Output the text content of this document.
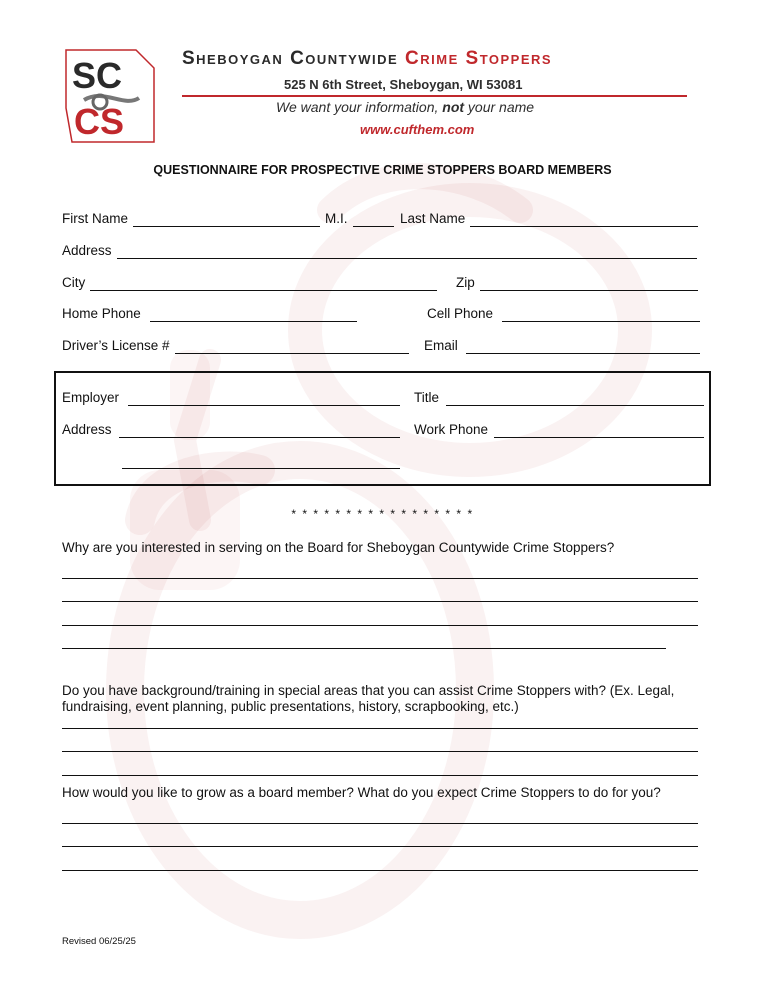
SC
CS
Sheboygan Countywide Crime Stoppers
525 N 6th Street, Sheboygan, WI 53081
We want your information, not your name
www.cufthem.com
QUESTIONNAIRE FOR PROSPECTIVE CRIME STOPPERS BOARD MEMBERS
First Name	M.I.	Last Name
Address
City	Zip
Home Phone	Cell Phone
Driver’s License #	Email
Employer	Title
Address	Work Phone
* * * * * * * * * * * * * * * * *
Why are you interested in serving on the Board for Sheboygan Countywide Crime Stoppers?
Do you have background/training in special areas that you can assist Crime Stoppers with? (Ex. Legal, fundraising, event planning, public presentations, history, scrapbooking, etc.)
How would you like to grow as a board member? What do you expect Crime Stoppers to do for you?
Revised 06/25/25
